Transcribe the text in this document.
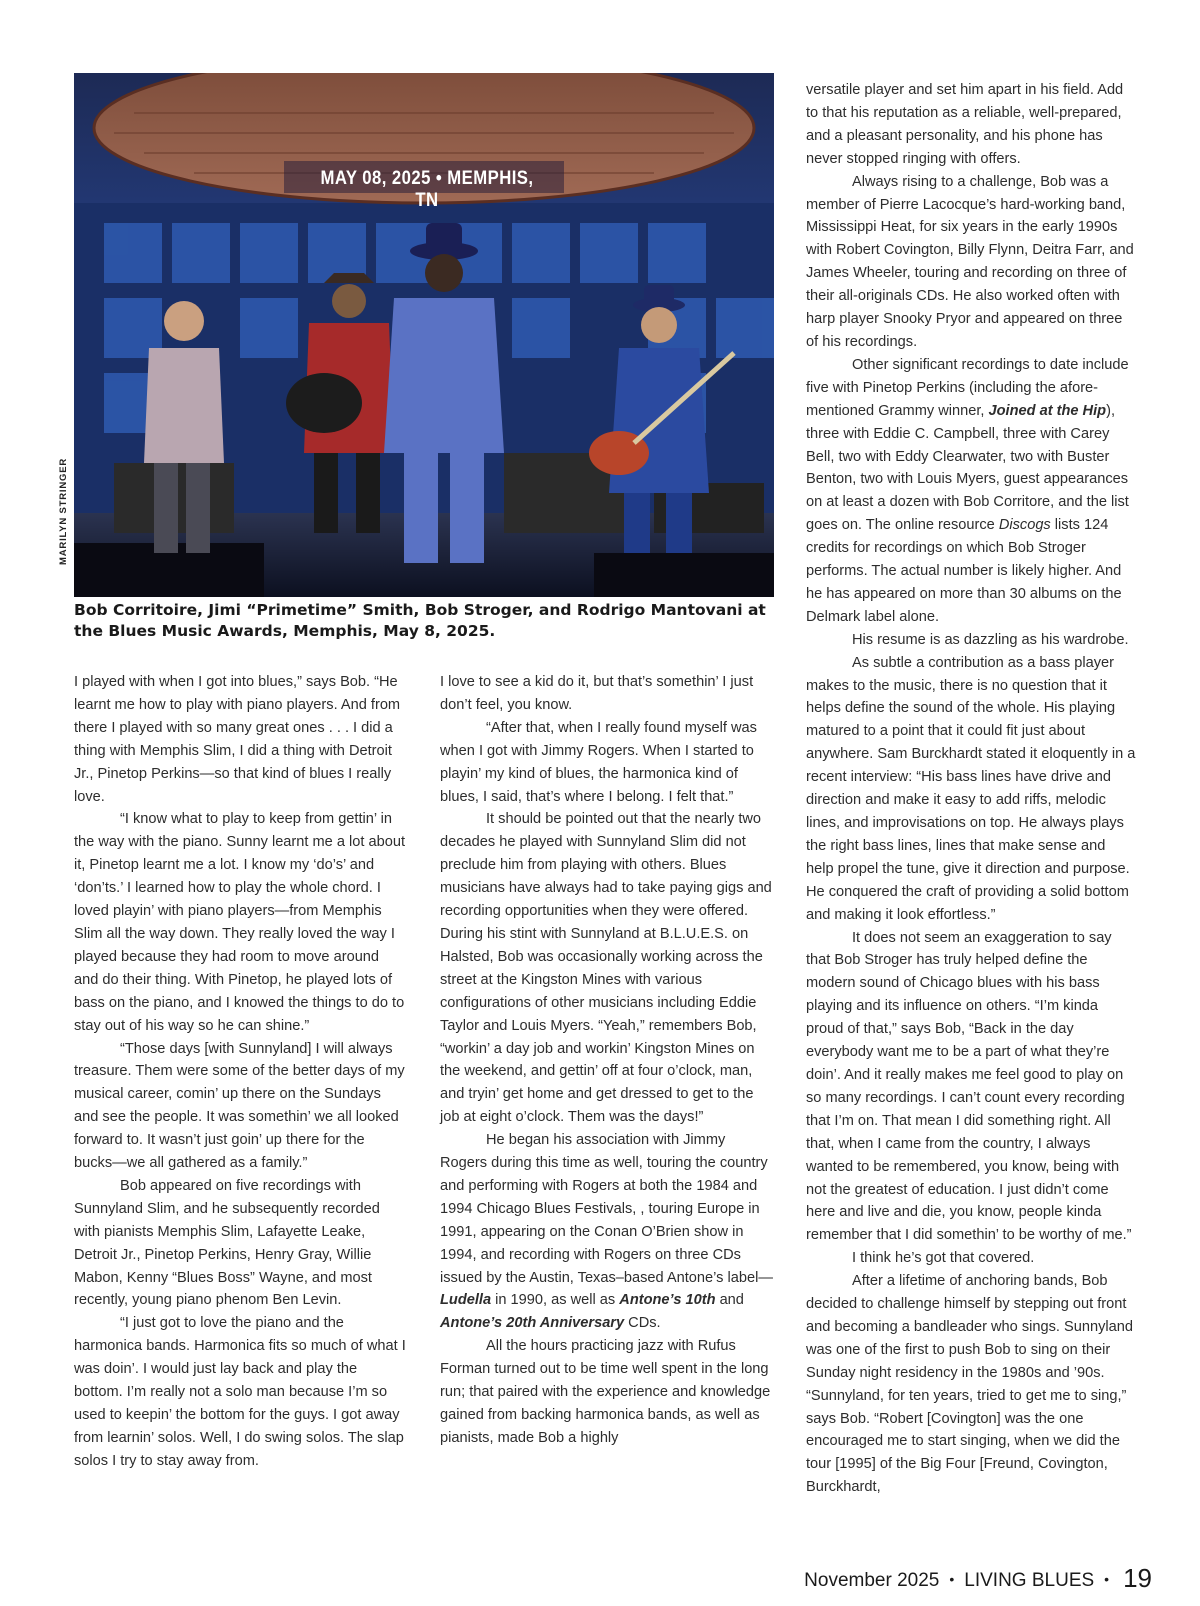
MAY 08, 2025 • MEMPHIS, TN
MARILYN STRINGER
Bob Corritoire, Jimi “Primetime” Smith, Bob Stroger, and Rodrigo Mantovani at the Blues Music Awards, Memphis, May 8, 2025.

I played with when I got into blues,” says Bob. “He learnt me how to play with piano players. And from there I played with so many great ones . . . I did a thing with Memphis Slim, I did a thing with Detroit Jr., Pinetop Perkins—so that kind of blues I really love.

“I know what to play to keep from gettin’ in the way with the piano. Sunny learnt me a lot about it, Pinetop learnt me a lot. I know my ‘do’s’ and ‘don’ts.’ I learned how to play the whole chord. I loved playin’ with piano players—from Memphis Slim all the way down. They really loved the way I played because they had room to move around and do their thing. With Pinetop, he played lots of bass on the piano, and I knowed the things to do to stay out of his way so he can shine.”

“Those days [with Sunnyland] I will always treasure. Them were some of the better days of my musical career, comin’ up there on the Sundays and see the people. It was somethin’ we all looked forward to. It wasn’t just goin’ up there for the bucks—we all gathered as a family.”

Bob appeared on five recordings with Sunnyland Slim, and he subsequently recorded with pianists Memphis Slim, Lafayette Leake, Detroit Jr., Pinetop Perkins, Henry Gray, Willie Mabon, Kenny “Blues Boss” Wayne, and most recently, young piano phenom Ben Levin.

“I just got to love the piano and the harmonica bands. Harmonica fits so much of what I was doin’. I would just lay back and play the bottom. I’m really not a solo man because I’m so used to keepin’ the bottom for the guys. I got away from learnin’ solos. Well, I do swing solos. The slap solos I try to stay away from.

I love to see a kid do it, but that’s somethin’ I just don’t feel, you know.

“After that, when I really found myself was when I got with Jimmy Rogers. When I started to playin’ my kind of blues, the harmonica kind of blues, I said, that’s where I belong. I felt that.”

It should be pointed out that the nearly two decades he played with Sunnyland Slim did not preclude him from playing with others. Blues musicians have always had to take paying gigs and recording opportunities when they were offered. During his stint with Sunnyland at B.L.U.E.S. on Halsted, Bob was occasionally working across the street at the Kingston Mines with various configurations of other musicians including Eddie Taylor and Louis Myers. “Yeah,” remembers Bob, “workin’ a day job and workin’ Kingston Mines on the weekend, and gettin’ off at four o’clock, man, and tryin’ get home and get dressed to get to the job at eight o’clock. Them was the days!”

He began his association with Jimmy Rogers during this time as well, touring the country and performing with Rogers at both the 1984 and 1994 Chicago Blues Festivals, , touring Europe in 1991, appearing on the Conan O’Brien show in 1994, and recording with Rogers on three CDs issued by the Austin, Texas–based Antone’s label—Ludella in 1990, as well as Antone’s 10th and Antone’s 20th Anniversary CDs.

All the hours practicing jazz with Rufus Forman turned out to be time well spent in the long run; that paired with the experience and knowledge gained from backing harmonica bands, as well as pianists, made Bob a highly

versatile player and set him apart in his field. Add to that his reputation as a reliable, well-prepared, and a pleasant personality, and his phone has never stopped ringing with offers.

Always rising to a challenge, Bob was a member of Pierre Lacocque’s hard-working band, Mississippi Heat, for six years in the early 1990s with Robert Covington, Billy Flynn, Deitra Farr, and James Wheeler, touring and recording on three of their all-originals CDs. He also worked often with harp player Snooky Pryor and appeared on three of his recordings.

Other significant recordings to date include five with Pinetop Perkins (including the afore-mentioned Grammy winner, Joined at the Hip), three with Eddie C. Campbell, three with Carey Bell, two with Eddy Clearwater, two with Buster Benton, two with Louis Myers, guest appearances on at least a dozen with Bob Corritore, and the list goes on. The online resource Discogs lists 124 credits for recordings on which Bob Stroger performs. The actual number is likely higher. And he has appeared on more than 30 albums on the Delmark label alone.

His resume is as dazzling as his wardrobe.

As subtle a contribution as a bass player makes to the music, there is no question that it helps define the sound of the whole. His playing matured to a point that it could fit just about anywhere. Sam Burckhardt stated it eloquently in a recent interview: “His bass lines have drive and direction and make it easy to add riffs, melodic lines, and improvisations on top. He always plays the right bass lines, lines that make sense and help propel the tune, give it direction and purpose. He conquered the craft of providing a solid bottom and making it look effortless.”

It does not seem an exaggeration to say that Bob Stroger has truly helped define the modern sound of Chicago blues with his bass playing and its influence on others. “I’m kinda proud of that,” says Bob, “Back in the day everybody want me to be a part of what they’re doin’. And it really makes me feel good to play on so many recordings. I can’t count every recording that I’m on. That mean I did something right. All that, when I came from the country, I always wanted to be remembered, you know, being with not the greatest of education. I just didn’t come here and live and die, you know, people kinda remember that I did somethin’ to be worthy of me.”

I think he’s got that covered.

After a lifetime of anchoring bands, Bob decided to challenge himself by stepping out front and becoming a bandleader who sings. Sunnyland was one of the first to push Bob to sing on their Sunday night residency in the 1980s and ’90s. “Sunnyland, for ten years, tried to get me to sing,” says Bob. “Robert [Covington] was the one encouraged me to start singing, when we did the tour [1995] of the Big Four [Freund, Covington, Burckhardt,

November 2025 • LIVING BLUES • 19
